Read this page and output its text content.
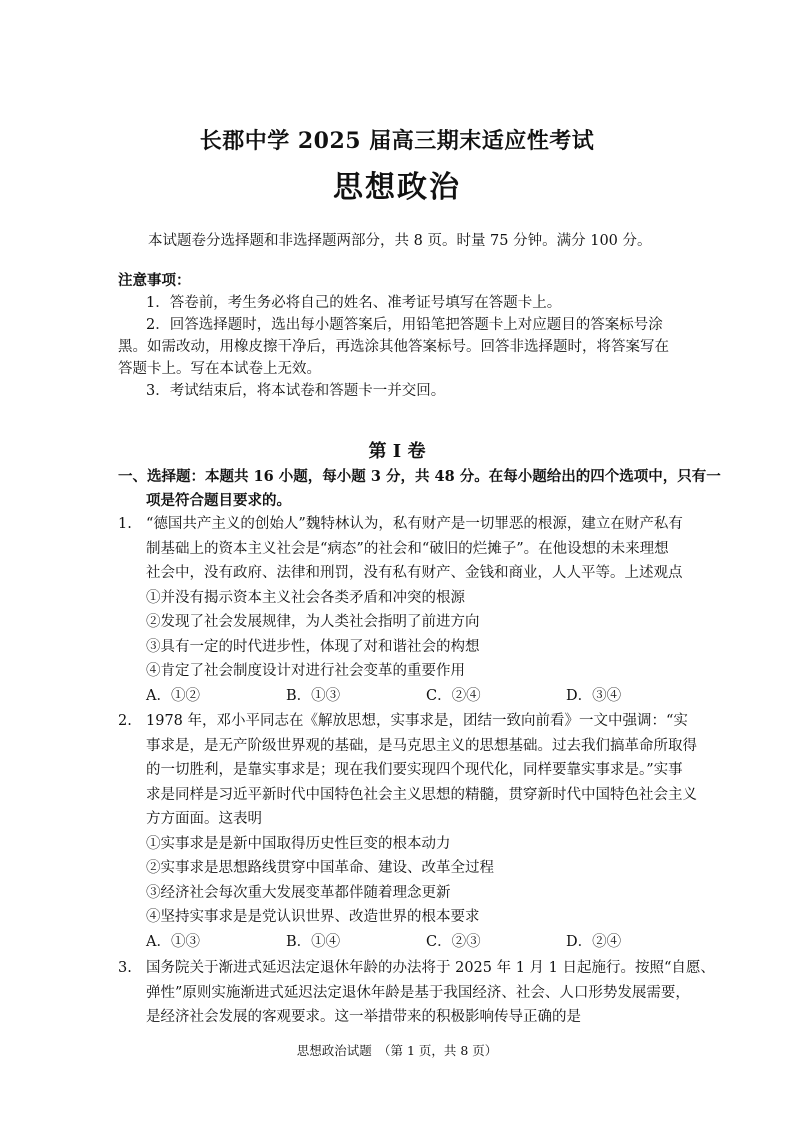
长郡中学 2025 届高三期末适应性考试
思想政治
本试题卷分选择题和非选择题两部分，共 8 页。时量 75 分钟。满分 100 分。
注意事项：
1．答卷前，考生务必将自己的姓名、准考证号填写在答题卡上。
2．回答选择题时，选出每小题答案后，用铅笔把答题卡上对应题目的答案标号涂
黑。如需改动，用橡皮擦干净后，再选涂其他答案标号。回答非选择题时，将答案写在
答题卡上。写在本试卷上无效。
3．考试结束后，将本试卷和答题卡一并交回。
第 I 卷
一、选择题：本题共 16 小题，每小题 3 分，共 48 分。在每小题给出的四个选项中，只有一
项是符合题目要求的。
1. “德国共产主义的创始人”魏特林认为，私有财产是一切罪恶的根源，建立在财产私有
制基础上的资本主义社会是“病态”的社会和“破旧的烂摊子”。在他设想的未来理想
社会中，没有政府、法律和刑罚，没有私有财产、金钱和商业，人人平等。上述观点
①并没有揭示资本主义社会各类矛盾和冲突的根源
②发现了社会发展规律，为人类社会指明了前进方向
③具有一定的时代进步性，体现了对和谐社会的构想
④肯定了社会制度设计对进行社会变革的重要作用
A．①②	B．①③	C．②④	D．③④
2. 1978 年，邓小平同志在《解放思想，实事求是，团结一致向前看》一文中强调：“实
事求是，是无产阶级世界观的基础，是马克思主义的思想基础。过去我们搞革命所取得
的一切胜利，是靠实事求是；现在我们要实现四个现代化，同样要靠实事求是。”实事
求是同样是习近平新时代中国特色社会主义思想的精髓，贯穿新时代中国特色社会主义
方方面面。这表明
①实事求是是新中国取得历史性巨变的根本动力
②实事求是思想路线贯穿中国革命、建设、改革全过程
③经济社会每次重大发展变革都伴随着理念更新
④坚持实事求是是党认识世界、改造世界的根本要求
A．①③	B．①④	C．②③	D．②④
3. 国务院关于渐进式延迟法定退休年龄的办法将于 2025 年 1 月 1 日起施行。按照“自愿、
弹性”原则实施渐进式延迟法定退休年龄是基于我国经济、社会、人口形势发展需要，
是经济社会发展的客观要求。这一举措带来的积极影响传导正确的是
思想政治试题　（第 1 页，共 8 页）
